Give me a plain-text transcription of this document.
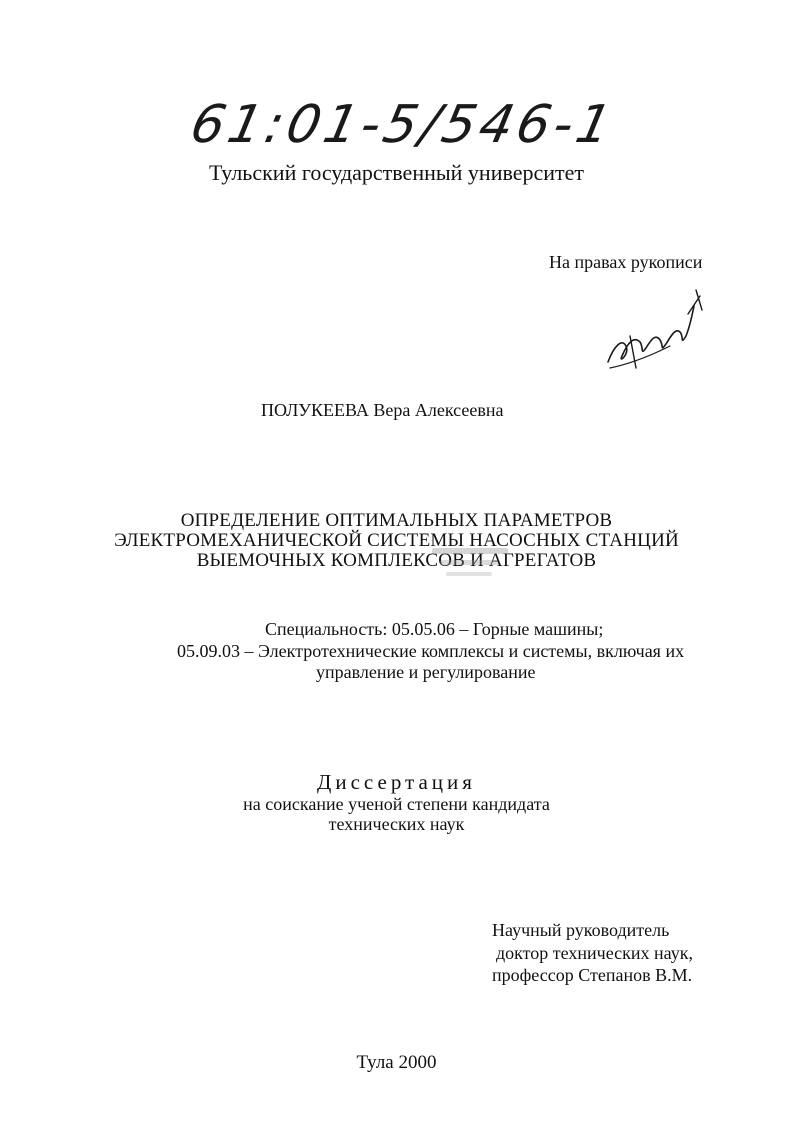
61:01-5/546-1
Тульский государственный университет
На правах рукописи
ПОЛУКЕЕВА Вера Алексеевна
ОПРЕДЕЛЕНИЕ ОПТИМАЛЬНЫХ ПАРАМЕТРОВ
ЭЛЕКТРОМЕХАНИЧЕСКОЙ СИСТЕМЫ НАСОСНЫХ СТАНЦИЙ
ВЫЕМОЧНЫХ КОМПЛЕКСОВ И АГРЕГАТОВ
Специальность: 05.05.06 – Горные машины;
05.09.03 – Электротехнические комплексы и системы, включая их
управление и регулирование
Диссертация
на соискание ученой степени кандидата
технических наук
Научный руководитель
доктор технических наук,
профессор Степанов В.М.
Тула 2000
